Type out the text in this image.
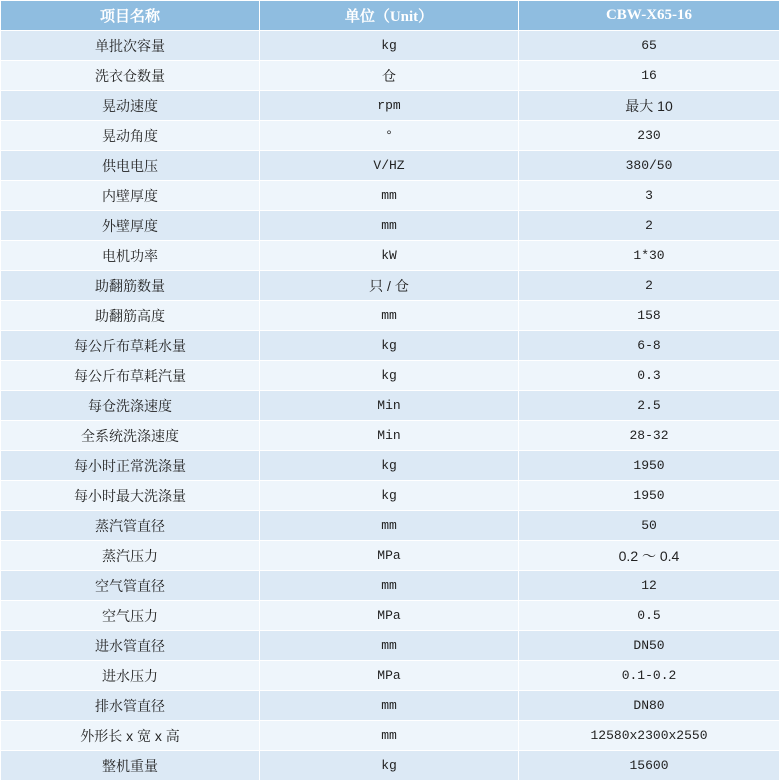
项目名称	单位（Unit）	CBW-X65-16
单批次容量	kg	65
洗衣仓数量	仓	16
晃动速度	rpm	最大 10
晃动角度	°	230
供电电压	V/HZ	380/50
内壁厚度	mm	3
外壁厚度	mm	2
电机功率	kW	1*30
助翻筋数量	只 / 仓	2
助翻筋高度	mm	158
每公斤布草耗水量	kg	6-8
每公斤布草耗汽量	kg	0.3
每仓洗涤速度	Min	2.5
全系统洗涤速度	Min	28-32
每小时正常洗涤量	kg	1950
每小时最大洗涤量	kg	1950
蒸汽管直径	mm	50
蒸汽压力	MPa	0.2 ～ 0.4
空气管直径	mm	12
空气压力	MPa	0.5
进水管直径	mm	DN50
进水压力	MPa	0.1-0.2
排水管直径	mm	DN80
外形长 x 宽 x 高	mm	12580x2300x2550
整机重量	kg	15600
